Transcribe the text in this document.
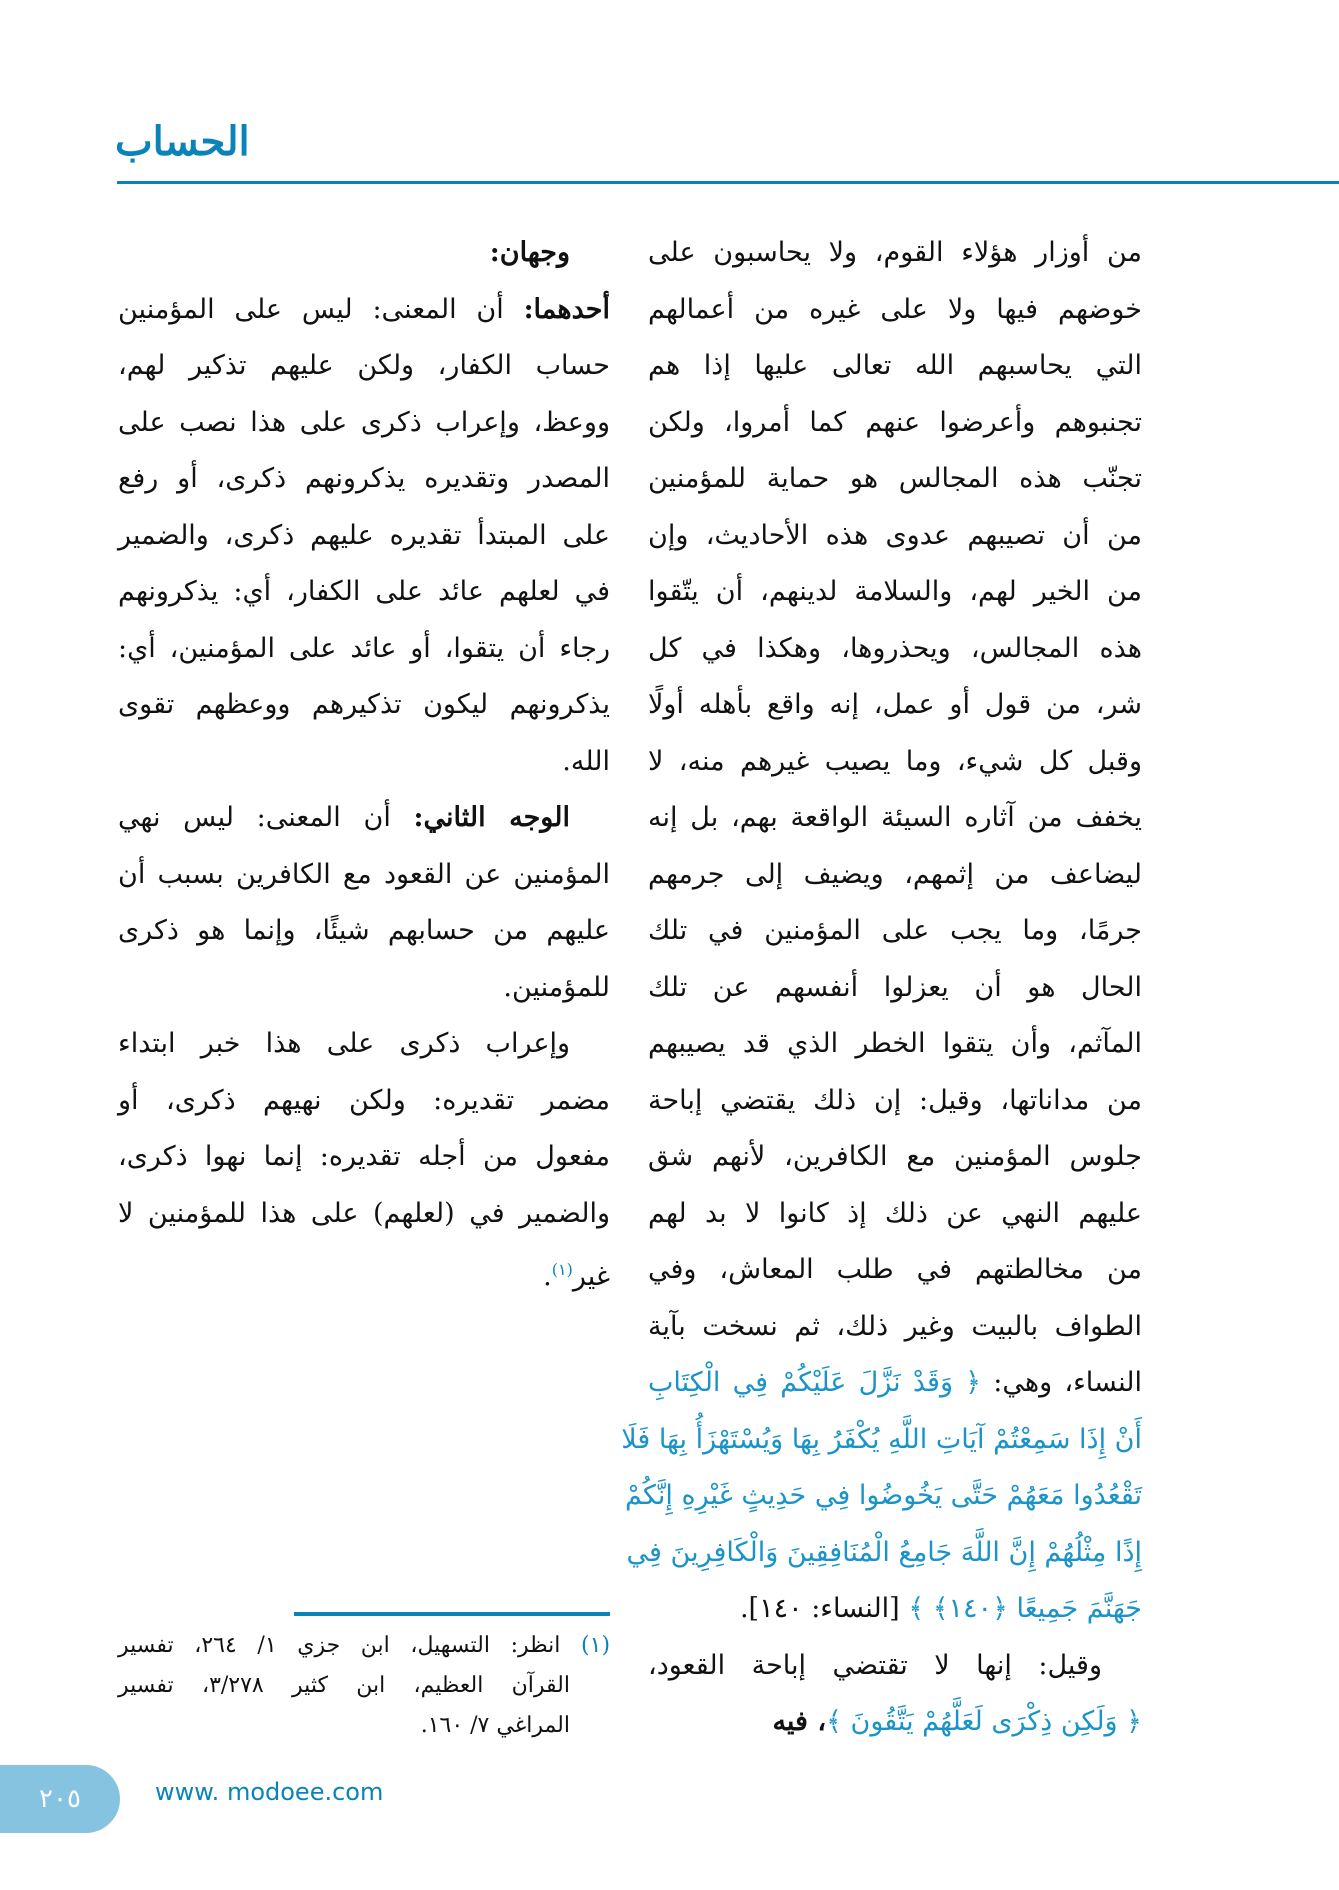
الحساب
من أوزار هؤلاء القوم، ولا يحاسبون على
خوضهم فيها ولا على غيره من أعمالهم
التي يحاسبهم الله تعالى عليها إذا هم
تجنبوهم وأعرضوا عنهم كما أمروا، ولكن
تجنّب هذه المجالس هو حماية للمؤمنين
من أن تصيبهم عدوى هذه الأحاديث، وإن
من الخير لهم، والسلامة لدينهم، أن يتّقوا
هذه المجالس، ويحذروها، وهكذا في كل
شر، من قول أو عمل، إنه واقع بأهله أولًا
وقبل كل شيء، وما يصيب غيرهم منه، لا
يخفف من آثاره السيئة الواقعة بهم، بل إنه
ليضاعف من إثمهم، ويضيف إلى جرمهم
جرمًا، وما يجب على المؤمنين في تلك
الحال هو أن يعزلوا أنفسهم عن تلك
المآثم، وأن يتقوا الخطر الذي قد يصيبهم
من مداناتها، وقيل: إن ذلك يقتضي إباحة
جلوس المؤمنين مع الكافرين، لأنهم شق
عليهم النهي عن ذلك إذ كانوا لا بد لهم
من مخالطتهم في طلب المعاش، وفي
الطواف بالبيت وغير ذلك، ثم نسخت بآية
النساء، وهي: ﴿ وَقَدْ نَزَّلَ عَلَيْكُمْ فِي الْكِتَابِ
أَنْ إِذَا سَمِعْتُمْ آيَاتِ اللَّهِ يُكْفَرُ بِهَا وَيُسْتَهْزَأُ بِهَا فَلَا
تَقْعُدُوا مَعَهُمْ حَتَّى يَخُوضُوا فِي حَدِيثٍ غَيْرِهِ إِنَّكُمْ
إِذًا مِثْلُهُمْ إِنَّ اللَّهَ جَامِعُ الْمُنَافِقِينَ وَالْكَافِرِينَ فِي
جَهَنَّمَ جَمِيعًا ﴿١٤٠﴾ ﴾ [النساء: ١٤٠].
وقيل: إنها لا تقتضي إباحة القعود،
﴿ وَلَكِن ذِكْرَى لَعَلَّهُمْ يَتَّقُونَ ﴾، فيه
وجهان:
أحدهما: أن المعنى: ليس على المؤمنين
حساب الكفار، ولكن عليهم تذكير لهم،
ووعظ، وإعراب ذكرى على هذا نصب على
المصدر وتقديره يذكرونهم ذكرى، أو رفع
على المبتدأ تقديره عليهم ذكرى، والضمير
في لعلهم عائد على الكفار، أي: يذكرونهم
رجاء أن يتقوا، أو عائد على المؤمنين، أي:
يذكرونهم ليكون تذكيرهم ووعظهم تقوى
الله.
الوجه الثاني: أن المعنى: ليس نهي
المؤمنين عن القعود مع الكافرين بسبب أن
عليهم من حسابهم شيئًا، وإنما هو ذكرى
للمؤمنين.
وإعراب ذكرى على هذا خبر ابتداء
مضمر تقديره: ولكن نهيهم ذكرى، أو
مفعول من أجله تقديره: إنما نهوا ذكرى،
والضمير في (لعلهم) على هذا للمؤمنين لا
غير$^{(١)}$.
(١) انظر: التسهيل، ابن جزي ١/ ٢٦٤، تفسير
القرآن العظيم، ابن كثير ٣/٢٧٨، تفسير
المراغي ٧/ ١٦٠.
٢٠٥	www. modoee.com
